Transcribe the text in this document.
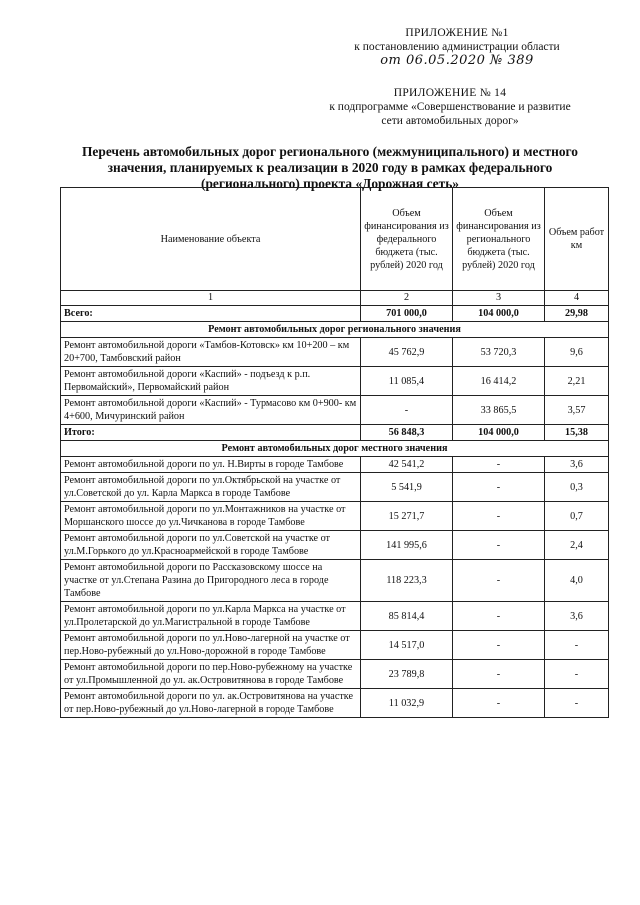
ПРИЛОЖЕНИЕ №1
к постановлению администрации области
от 06.05.2020 № 389
ПРИЛОЖЕНИЕ № 14
к подпрограмме «Совершенствование и развитие
сети автомобильных дорог»
Перечень автомобильных дорог регионального (межмуниципального) и местного значения, планируемых к реализации в 2020 году в рамках федерального (регионального) проекта «Дорожная сеть»
Наименование объекта	Объем финансирования из федерального бюджета (тыс. рублей) 2020 год	Объем финансирования из регионального бюджета (тыс. рублей) 2020 год	Объем работ км
1	2	3	4
Всего:	701 000,0	104 000,0	29,98
Ремонт автомобильных дорог регионального значения			
Ремонт автомобильной дороги «Тамбов-Котовск» км 10+200 – км 20+700, Тамбовский район	45 762,9	53 720,3	9,6
Ремонт автомобильной дороги «Каспий» - подъезд к р.п. Первомайский», Первомайский район	11 085,4	16 414,2	2,21
Ремонт автомобильной дороги «Каспий» - Турмасово км 0+900- км 4+600, Мичуринский район	-	33 865,5	3,57
Итого:	56 848,3	104 000,0	15,38
Ремонт автомобильных дорог местного значения			
Ремонт автомобильной дороги по ул. Н.Вирты в городе Тамбове	42 541,2	-	3,6
Ремонт автомобильной дороги по ул.Октябрьской на участке от ул.Советской до ул. Карла Маркса в городе Тамбове	5 541,9	-	0,3
Ремонт автомобильной дороги по ул.Монтажников на участке от Моршанского шоссе до ул.Чичканова в городе Тамбове	15 271,7	-	0,7
Ремонт автомобильной дороги по ул.Советской на участке от ул.М.Горького до ул.Красноармейской в городе Тамбове	141 995,6	-	2,4
Ремонт автомобильной дороги по Рассказовскому шоссе на участке от ул.Степана Разина до Пригородного леса в городе Тамбове	118 223,3	-	4,0
Ремонт автомобильной дороги по ул.Карла Маркса на участке от ул.Пролетарской до ул.Магистральной в городе Тамбове	85 814,4	-	3,6
Ремонт автомобильной дороги по ул.Ново-лагерной на участке от пер.Ново-рубежный до ул.Ново-дорожной в городе Тамбове	14 517,0	-	-
Ремонт автомобильной дороги по пер.Ново-рубежному на участке от ул.Промышленной до ул. ак.Островитянова в городе Тамбове	23 789,8	-	-
Ремонт автомобильной дороги по ул. ак.Островитянова на участке от пер.Ново-рубежный до ул.Ново-лагерной в городе Тамбове	11 032,9	-	-
